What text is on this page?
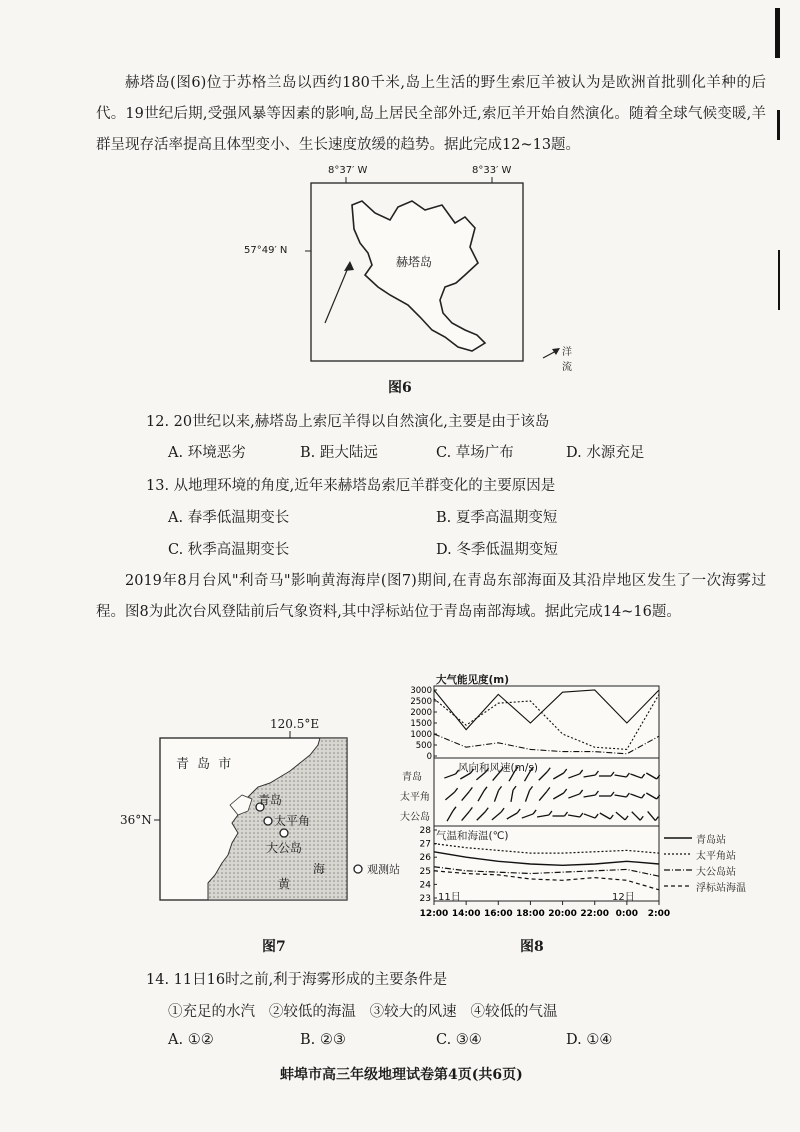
赫塔岛(图6)位于苏格兰岛以西约180千米,岛上生活的野生索厄羊被认为是欧洲首批驯化羊种的后代。19世纪后期,受强风暴等因素的影响,岛上居民全部外迁,索厄羊开始自然演化。随着全球气候变暖,羊群呈现存活率提高且体型变小、生长速度放缓的趋势。据此完成12~13题。
8°37′ W	8°33′ W
57°49′ N
赫塔岛
洋流
图6
12. 20世纪以来,赫塔岛上索厄羊得以自然演化,主要是由于该岛
A. 环境恶劣	B. 距大陆远	C. 草场广布	D. 水源充足
13. 从地理环境的角度,近年来赫塔岛索厄羊群变化的主要原因是
A. 春季低温期变长	B. 夏季高温期变短
C. 秋季高温期变长	D. 冬季低温期变短
2019年8月台风"利奇马"影响黄海海岸(图7)期间,在青岛东部海面及其沿岸地区发生了一次海雾过程。图8为此次台风登陆前后气象资料,其中浮标站位于青岛南部海域。据此完成14~16题。
120.5°E
36°N
青 岛 市
青岛
太平角
大公岛
海
黄
观测站
图7
3000
2500
2000
1500
1000
500
0
28
27
26
25
24
23
12:00 14:00 16:00 18:00 20:00 22:00 0:00 2:00
大气能见度(m)
风向和风速(m/s)
气温和海温(℃)
青岛
太平角
大公岛
11日	12日
青岛站
太平角站
大公岛站
浮标站海温
图8
14. 11日16时之前,利于海雾形成的主要条件是
①充足的水汽   ②较低的海温   ③较大的风速   ④较低的气温
A. ①②	B. ②③	C. ③④	D. ①④
蚌埠市高三年级地理试卷第4页(共6页)
